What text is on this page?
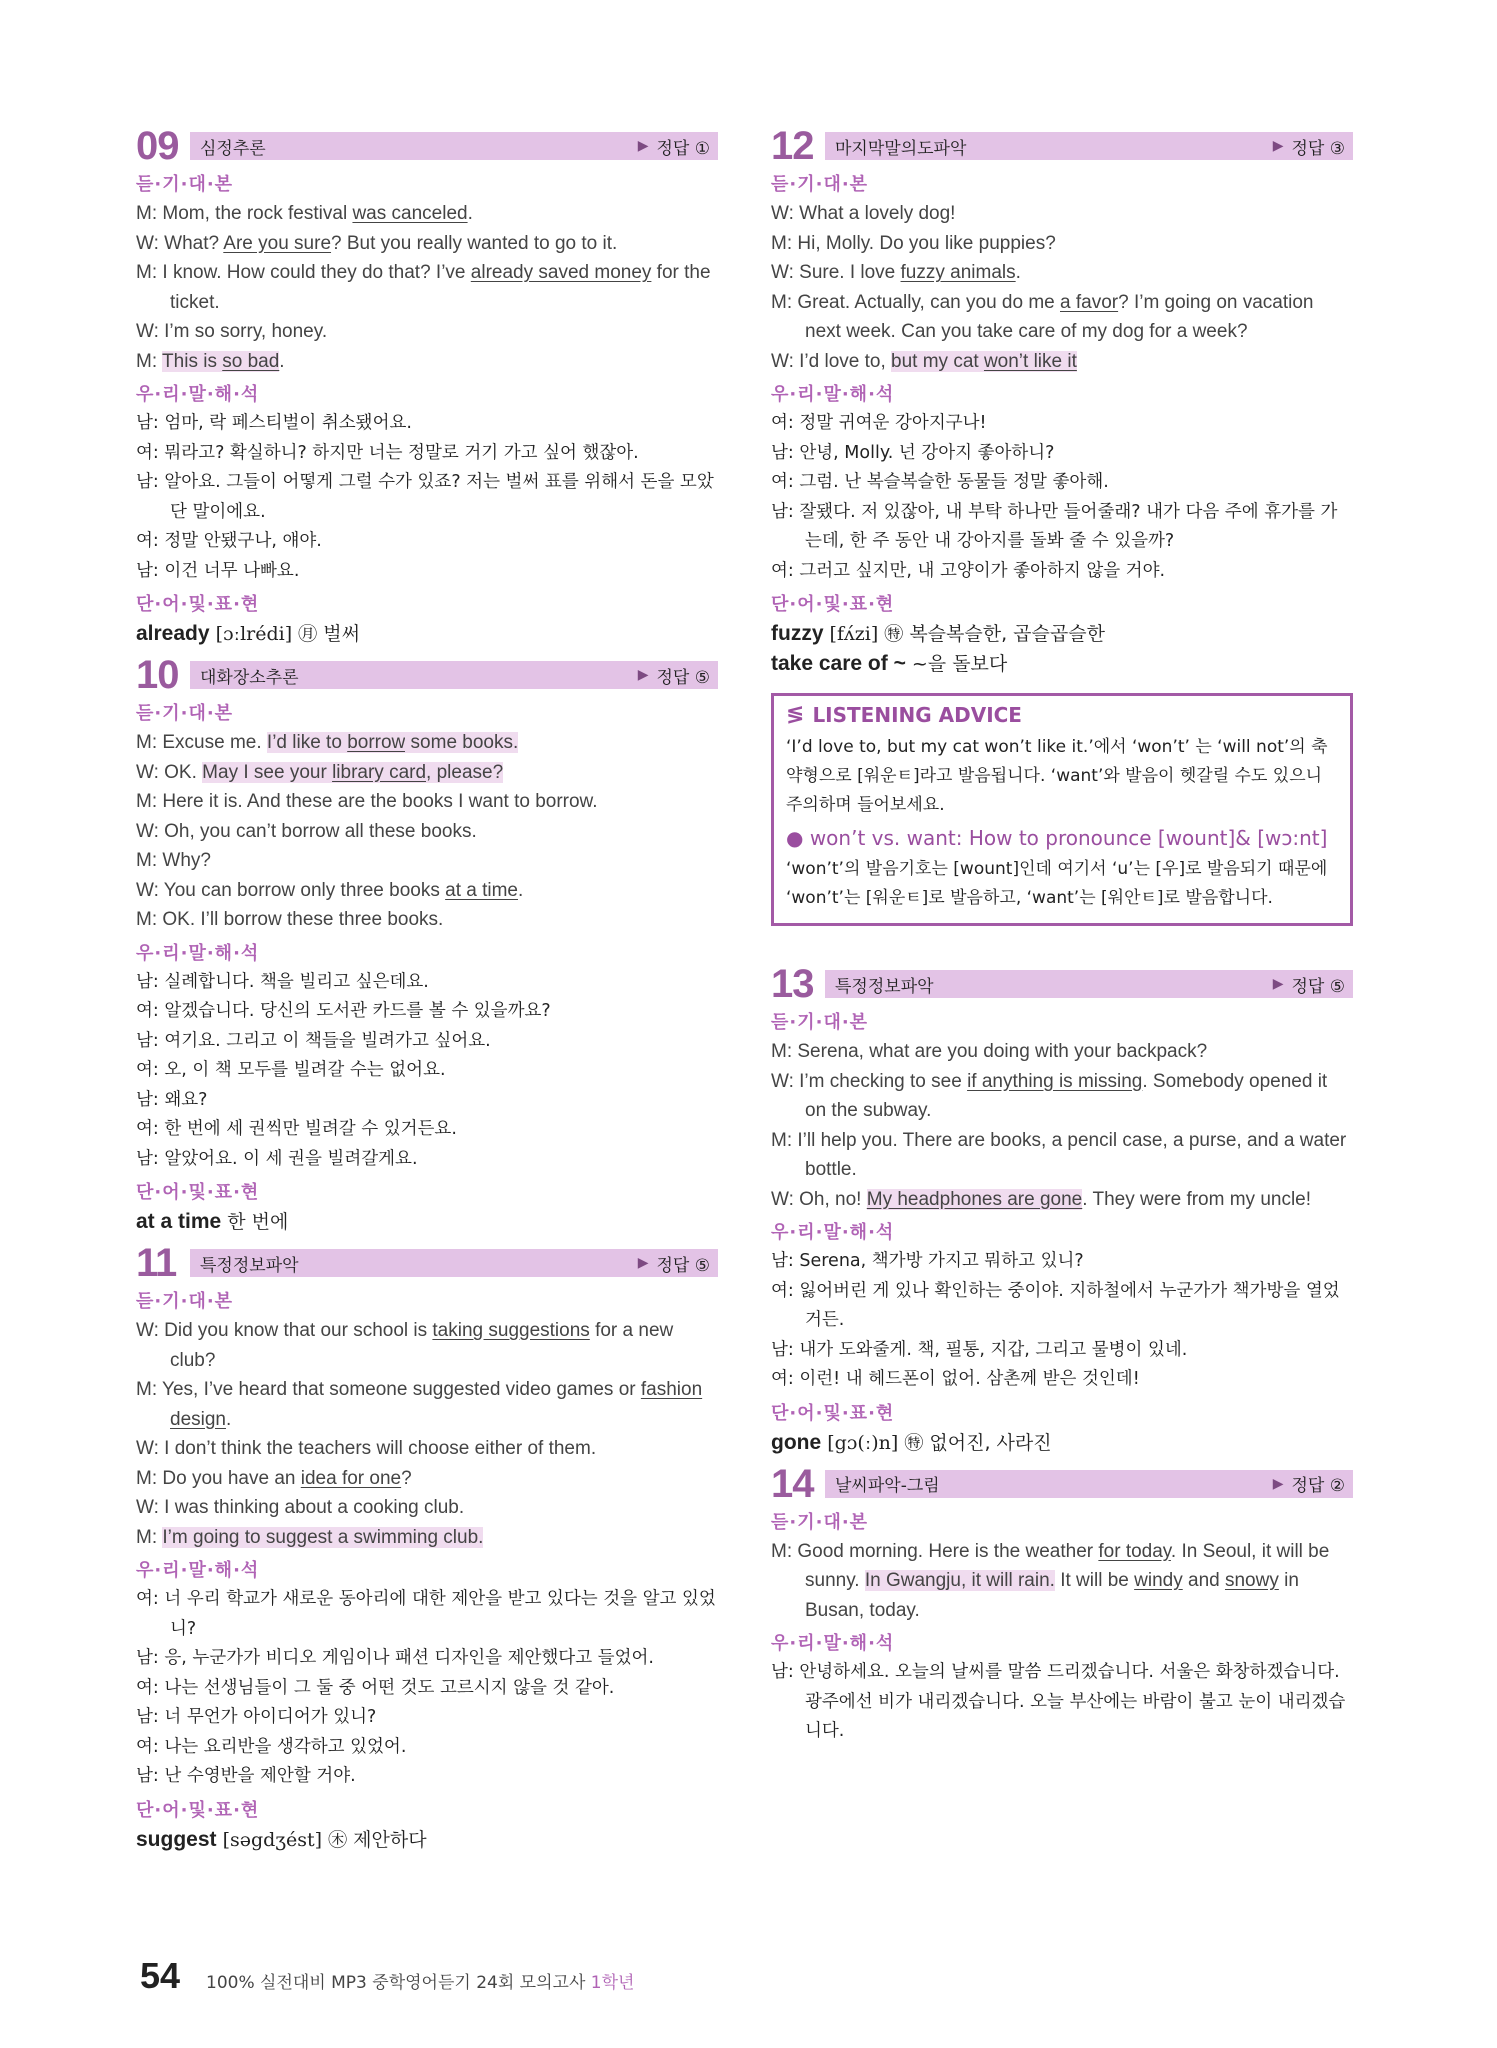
09	심정추론	▶ 정답 ①
듣·기·대·본
M: Mom, the rock festival was canceled.
W: What? Are you sure? But you really wanted to go to it.
M: I know. How could they do that? I’ve already saved money for the ticket.
W: I’m so sorry, honey.
M: This is so bad.
우·리·말·해·석
남: 엄마, 락 페스티벌이 취소됐어요.
여: 뭐라고? 확실하니? 하지만 너는 정말로 거기 가고 싶어 했잖아.
남: 알아요. 그들이 어떻게 그럴 수가 있죠? 저는 벌써 표를 위해서 돈을 모았단 말이에요.
여: 정말 안됐구나, 얘야.
남: 이건 너무 나빠요.
단·어·및·표·현
already [ɔːlrédi] ㊊ 벌써
10	대화장소추론	▶ 정답 ⑤
듣·기·대·본
M: Excuse me. I’d like to borrow some books.
W: OK. May I see your library card, please?
M: Here it is. And these are the books I want to borrow.
W: Oh, you can’t borrow all these books.
M: Why?
W: You can borrow only three books at a time.
M: OK. I’ll borrow these three books.
우·리·말·해·석
남: 실례합니다. 책을 빌리고 싶은데요.
여: 알겠습니다. 당신의 도서관 카드를 볼 수 있을까요?
남: 여기요. 그리고 이 책들을 빌려가고 싶어요.
여: 오, 이 책 모두를 빌려갈 수는 없어요.
남: 왜요?
여: 한 번에 세 권씩만 빌려갈 수 있거든요.
남: 알았어요. 이 세 권을 빌려갈게요.
단·어·및·표·현
at a time 한 번에
11	특정정보파악	▶ 정답 ⑤
듣·기·대·본
W: Did you know that our school is taking suggestions for a new club?
M: Yes, I’ve heard that someone suggested video games or fashion design.
W: I don’t think the teachers will choose either of them.
M: Do you have an idea for one?
W: I was thinking about a cooking club.
M: I’m going to suggest a swimming club.
우·리·말·해·석
여: 너 우리 학교가 새로운 동아리에 대한 제안을 받고 있다는 것을 알고 있었니?
남: 응, 누군가가 비디오 게임이나 패션 디자인을 제안했다고 들었어.
여: 나는 선생님들이 그 둘 중 어떤 것도 고르시지 않을 것 같아.
남: 너 무언가 아이디어가 있니?
여: 나는 요리반을 생각하고 있었어.
남: 난 수영반을 제안할 거야.
단·어·및·표·현
suggest [səgdʒést] ㊍ 제안하다
12	마지막말의도파악	▶ 정답 ③
듣·기·대·본
W: What a lovely dog!
M: Hi, Molly. Do you like puppies?
W: Sure. I love fuzzy animals.
M: Great. Actually, can you do me a favor? I’m going on vacation next week. Can you take care of my dog for a week?
W: I’d love to, but my cat won’t like it
우·리·말·해·석
여: 정말 귀여운 강아지구나!
남: 안녕, Molly. 넌 강아지 좋아하니?
여: 그럼. 난 복슬복슬한 동물들 정말 좋아해.
남: 잘됐다. 저 있잖아, 내 부탁 하나만 들어줄래? 내가 다음 주에 휴가를 가는데, 한 주 동안 내 강아지를 돌봐 줄 수 있을까?
여: 그러고 싶지만, 내 고양이가 좋아하지 않을 거야.
단·어·및·표·현
fuzzy [fʌ́zi] ㊕ 복슬복슬한, 곱슬곱슬한
take care of ~ ~을 돌보다
≶ LISTENING ADVICE
‘I’d love to, but my cat won’t like it.’에서 ‘won’t’ 는 ‘will not’의 축약형으로 [워운ㅌ]라고 발음됩니다. ‘want’와 발음이 헷갈릴 수도 있으니 주의하며 들어보세요.
● won’t vs. want: How to pronounce [wount]& [wɔ:nt]
‘won’t’의 발음기호는 [wount]인데 여기서 ‘u’는 [우]로 발음되기 때문에 ‘won’t’는 [워운ㅌ]로 발음하고, ‘want’는 [워안ㅌ]로 발음합니다.
13	특정정보파악	▶ 정답 ⑤
듣·기·대·본
M: Serena, what are you doing with your backpack?
W: I’m checking to see if anything is missing. Somebody opened it on the subway.
M: I’ll help you. There are books, a pencil case, a purse, and a water bottle.
W: Oh, no! My headphones are gone. They were from my uncle!
우·리·말·해·석
남: Serena, 책가방 가지고 뭐하고 있니?
여: 잃어버린 게 있나 확인하는 중이야. 지하철에서 누군가가 책가방을 열었거든.
남: 내가 도와줄게. 책, 필통, 지갑, 그리고 물병이 있네.
여: 이런! 내 헤드폰이 없어. 삼촌께 받은 것인데!
단·어·및·표·현
gone [gɔ(ː)n] ㊕ 없어진, 사라진
14	날씨파악-그림	▶ 정답 ②
듣·기·대·본
M: Good morning. Here is the weather for today. In Seoul, it will be sunny. In Gwangju, it will rain. It will be windy and snowy in Busan, today.
우·리·말·해·석
남: 안녕하세요. 오늘의 날씨를 말씀 드리겠습니다. 서울은 화창하겠습니다. 광주에선 비가 내리겠습니다. 오늘 부산에는 바람이 불고 눈이 내리겠습니다.
54 100% 실전대비 MP3 중학영어듣기 24회 모의고사 1학년
